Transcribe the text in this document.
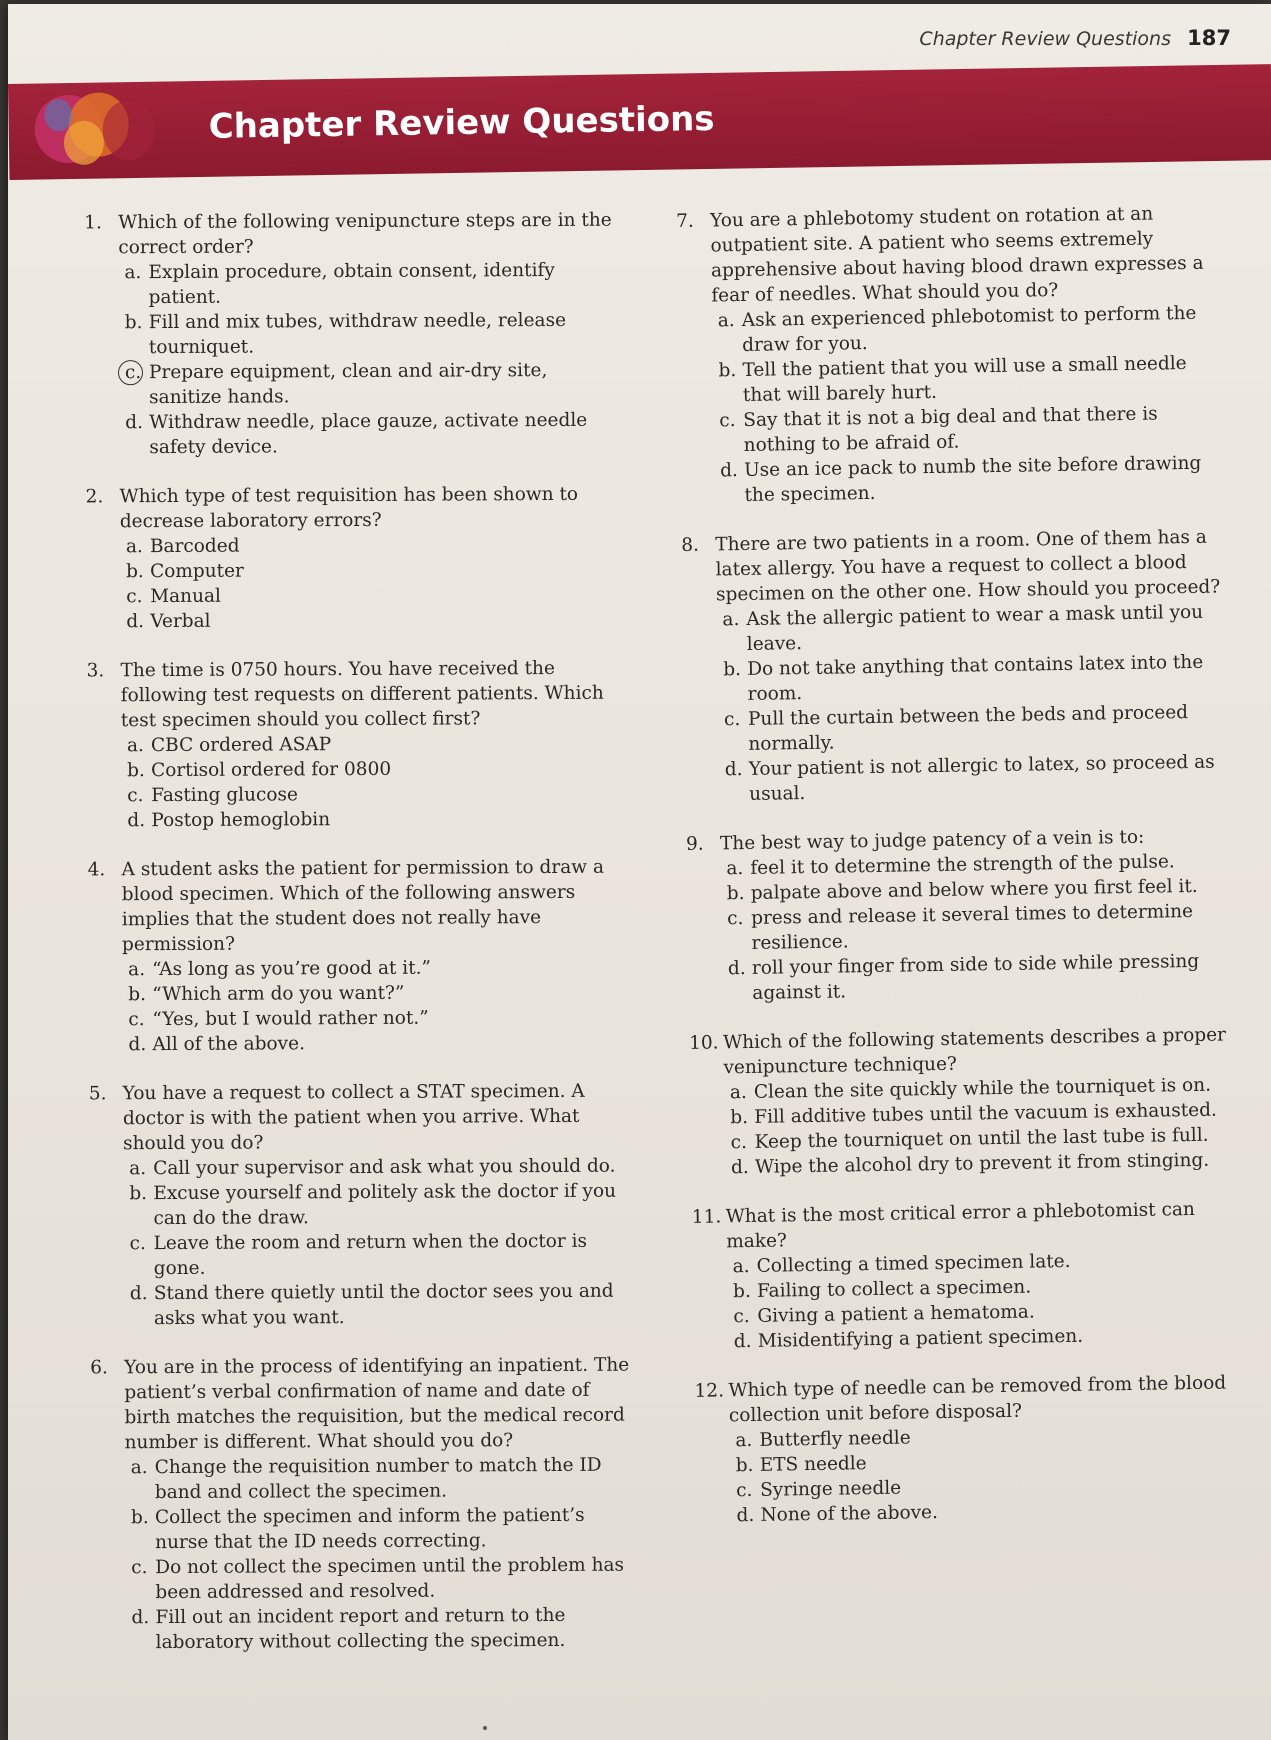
Chapter Review Questions 187
Chapter Review Questions
1. Which of the following venipuncture steps are in the correct order?
a. Explain procedure, obtain consent, identify patient.
b. Fill and mix tubes, withdraw needle, release tourniquet.
c. Prepare equipment, clean and air-dry site, sanitize hands.
d. Withdraw needle, place gauze, activate needle safety device.
2. Which type of test requisition has been shown to decrease laboratory errors?
a. Barcoded
b. Computer
c. Manual
d. Verbal
3. The time is 0750 hours. You have received the following test requests on different patients. Which test specimen should you collect first?
a. CBC ordered ASAP
b. Cortisol ordered for 0800
c. Fasting glucose
d. Postop hemoglobin
4. A student asks the patient for permission to draw a blood specimen. Which of the following answers implies that the student does not really have permission?
a. “As long as you’re good at it.”
b. “Which arm do you want?”
c. “Yes, but I would rather not.”
d. All of the above.
5. You have a request to collect a STAT specimen. A doctor is with the patient when you arrive. What should you do?
a. Call your supervisor and ask what you should do.
b. Excuse yourself and politely ask the doctor if you can do the draw.
c. Leave the room and return when the doctor is gone.
d. Stand there quietly until the doctor sees you and asks what you want.
6. You are in the process of identifying an inpatient. The patient’s verbal confirmation of name and date of birth matches the requisition, but the medical record number is different. What should you do?
a. Change the requisition number to match the ID band and collect the specimen.
b. Collect the specimen and inform the patient’s nurse that the ID needs correcting.
c. Do not collect the specimen until the problem has been addressed and resolved.
d. Fill out an incident report and return to the laboratory without collecting the specimen.
7. You are a phlebotomy student on rotation at an outpatient site. A patient who seems extremely apprehensive about having blood drawn expresses a fear of needles. What should you do?
a. Ask an experienced phlebotomist to perform the draw for you.
b. Tell the patient that you will use a small needle that will barely hurt.
c. Say that it is not a big deal and that there is nothing to be afraid of.
d. Use an ice pack to numb the site before drawing the specimen.
8. There are two patients in a room. One of them has a latex allergy. You have a request to collect a blood specimen on the other one. How should you proceed?
a. Ask the allergic patient to wear a mask until you leave.
b. Do not take anything that contains latex into the room.
c. Pull the curtain between the beds and proceed normally.
d. Your patient is not allergic to latex, so proceed as usual.
9. The best way to judge patency of a vein is to:
a. feel it to determine the strength of the pulse.
b. palpate above and below where you first feel it.
c. press and release it several times to determine resilience.
d. roll your finger from side to side while pressing against it.
10. Which of the following statements describes a proper venipuncture technique?
a. Clean the site quickly while the tourniquet is on.
b. Fill additive tubes until the vacuum is exhausted.
c. Keep the tourniquet on until the last tube is full.
d. Wipe the alcohol dry to prevent it from stinging.
11. What is the most critical error a phlebotomist can make?
a. Collecting a timed specimen late.
b. Failing to collect a specimen.
c. Giving a patient a hematoma.
d. Misidentifying a patient specimen.
12. Which type of needle can be removed from the blood collection unit before disposal?
a. Butterfly needle
b. ETS needle
c. Syringe needle
d. None of the above.
